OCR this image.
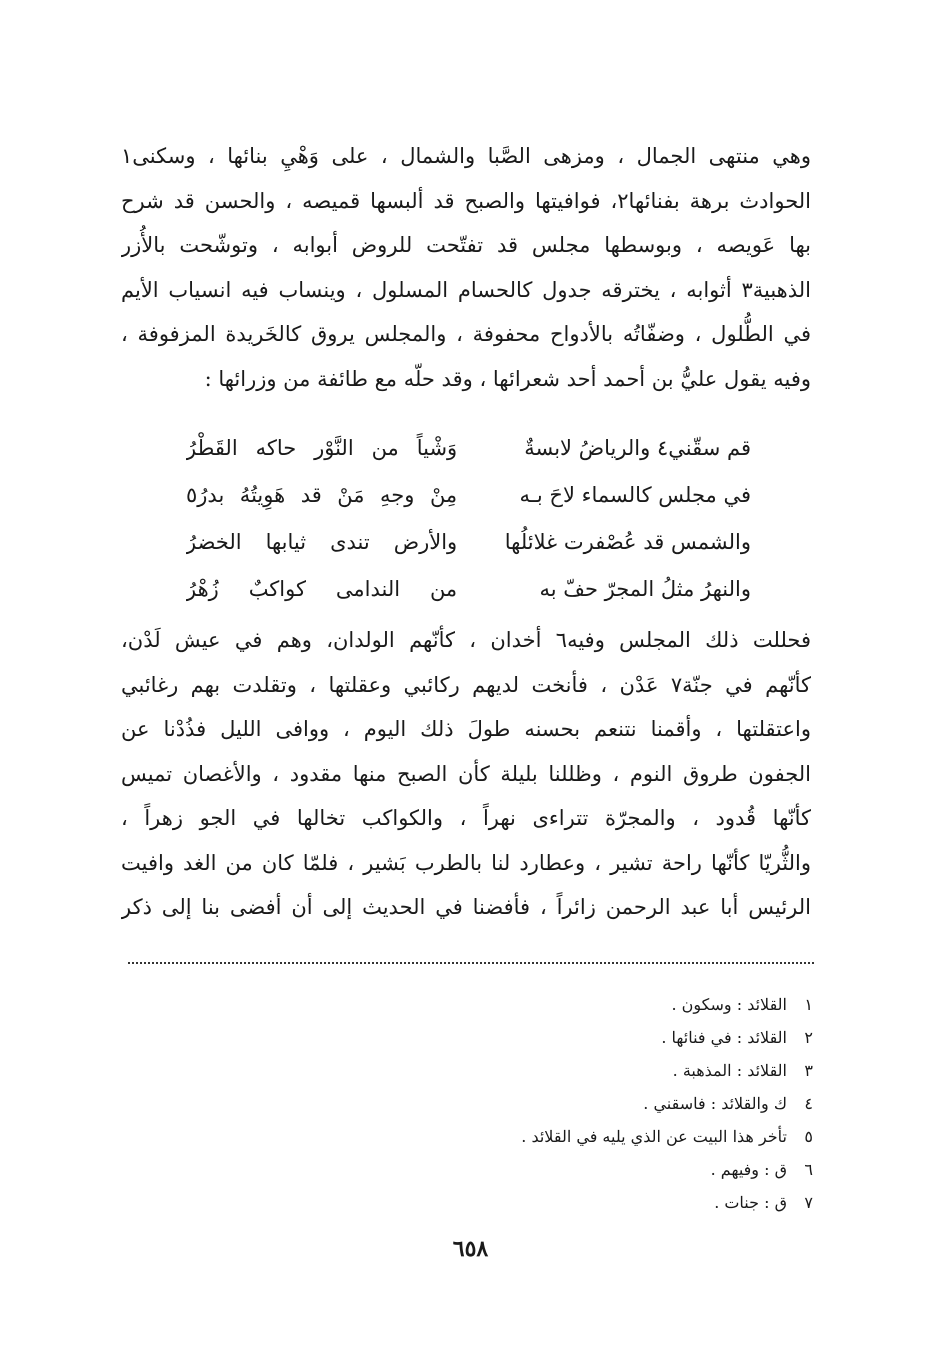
وهي منتهى الجمال ، ومزهى الصَّبا والشمال ، على وَهْيِ بنائها ، وسكنى١
الحوادث برهة بفنائها٢، فوافيتها والصبح قد ألبسها قميصه ، والحسن قد شرح
بها عَويصه ، وبوسطها مجلس قد تفتّحت للروض أبوابه ، وتوشّحت بالأُزر
الذهبية٣ أثوابه ، يخترقه جدول كالحسام المسلول ، وينساب فيه انسياب الأيم
في الطُّلول ، وضفّاتُه بالأدواح محفوفة ، والمجلس يروق كالخَريدة المزفوفة ،
وفيه يقول عليُّ بن أحمد أحد شعرائها ، وقد حلّه مع طائفة من وزرائها :
قم سقّني٤ والرياضُ لابسةٌ
وَشْياً من النَّوْر حاكه القَطْرُ
في مجلس كالسماء لاحَ بـه
مِنْ وجهِ مَنْ قد هَوِيتُهُ بدرُ٥
والشمس قد عُصْفرت غلائلُها
والأرض تندى ثيابها الخضرُ
والنهرُ مثلُ المجرّ حفّ به
من الندامى كواكبٌ زُهْرُ
فحللت ذلك المجلس وفيه٦ أخدان ، كأنّهم الولدان، وهم في عيش لَدْن،
كأنّهم في جنّة٧ عَدْن ، فأنخت لديهم ركائبي وعقلتها ، وتقلدت بهم رغائبي
واعتقلتها ، وأقمنا نتنعم بحسنه طولَ ذلك اليوم ، ووافى الليل فذُدْنا عن
الجفون طروق النوم ، وظللنا بليلة كأن الصبح منها مقدود ، والأغصان تميس
كأنّها قُدود ، والمجرّة تتراءى نهراً ، والكواكب تخالها في الجو زهراً ،
والثُّريّا كأنّها راحة تشير ، وعطارد لنا بالطرب بَشير ، فلمّا كان من الغد وافيت
الرئيس أبا عبد الرحمن زائراً ، فأفضنا في الحديث إلى أن أفضى بنا إلى ذكر
١
القلائد : وسكون .
٢
القلائد : في فنائها .
٣
القلائد : المذهبة .
٤
ك والقلائد : فاسقني .
٥
تأخر هذا البيت عن الذي يليه في القلائد .
٦
ق : وفيهم .
٧
ق : جنات .
٦٥٨
